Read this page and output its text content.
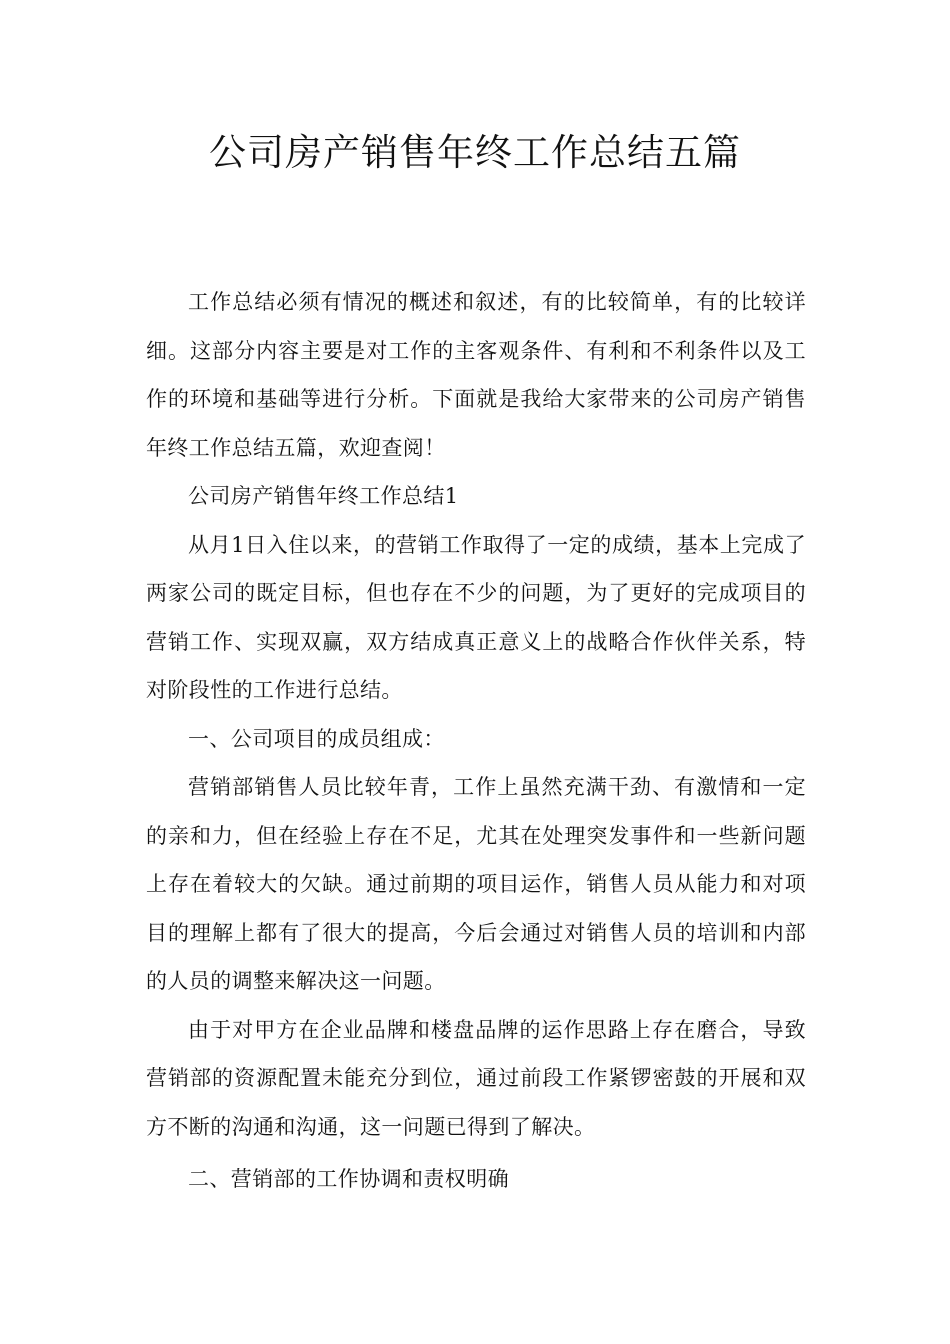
公司房产销售年终工作总结五篇

工作总结必须有情况的概述和叙述，有的比较简单，有的比较详细。这部分内容主要是对工作的主客观条件、有利和不利条件以及工作的环境和基础等进行分析。下面就是我给大家带来的公司房产销售年终工作总结五篇，欢迎查阅！

公司房产销售年终工作总结1

从月1日入住以来，的营销工作取得了一定的成绩，基本上完成了两家公司的既定目标，但也存在不少的问题，为了更好的完成项目的营销工作、实现双赢，双方结成真正意义上的战略合作伙伴关系，特对阶段性的工作进行总结。

一、公司项目的成员组成：

营销部销售人员比较年青，工作上虽然充满干劲、有激情和一定的亲和力，但在经验上存在不足，尤其在处理突发事件和一些新问题上存在着较大的欠缺。通过前期的项目运作，销售人员从能力和对项目的理解上都有了很大的提高，今后会通过对销售人员的培训和内部的人员的调整来解决这一问题。

由于对甲方在企业品牌和楼盘品牌的运作思路上存在磨合，导致营销部的资源配置未能充分到位，通过前段工作紧锣密鼓的开展和双方不断的沟通和沟通，这一问题已得到了解决。

二、营销部的工作协调和责权明确
